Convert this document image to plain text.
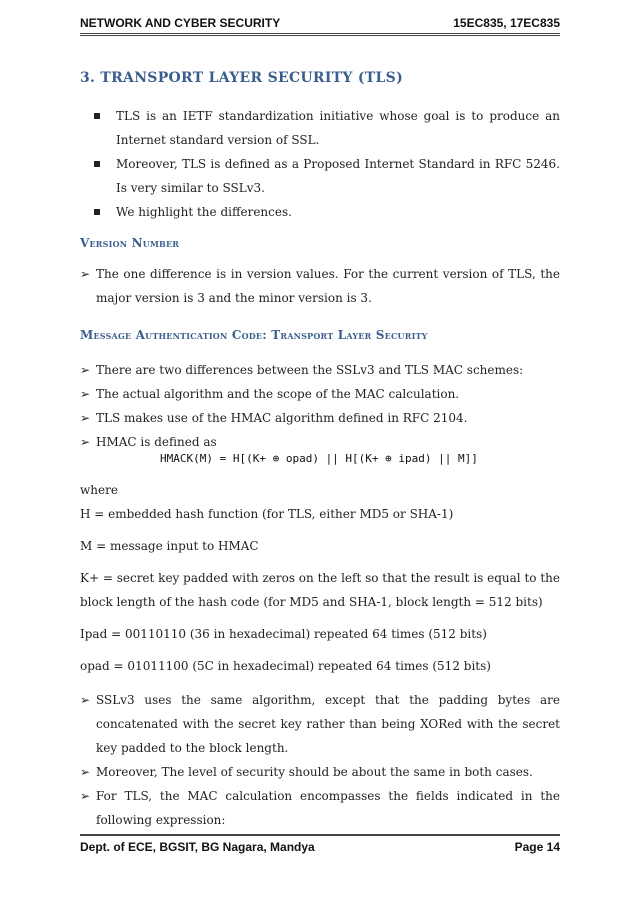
NETWORK AND CYBER SECURITY	15EC835, 17EC835
3. TRANSPORT LAYER SECURITY (TLS)
TLS is an IETF standardization initiative whose goal is to produce an Internet standard version of SSL.
Moreover, TLS is defined as a Proposed Internet Standard in RFC 5246. Is very similar to SSLv3.
We highlight the differences.
Version Number
➢ The one difference is in version values. For the current version of TLS, the major version is 3 and the minor version is 3.
Message Authentication Code: Transport Layer Security
➢ There are two differences between the SSLv3 and TLS MAC schemes:
➢ The actual algorithm and the scope of the MAC calculation.
➢ TLS makes use of the HMAC algorithm defined in RFC 2104.
➢ HMAC is defined as
HMACK(M) = H[(K+ ⊕ opad) || H[(K+ ⊕ ipad) || M]]
where
H = embedded hash function (for TLS, either MD5 or SHA-1)
M = message input to HMAC
K+ = secret key padded with zeros on the left so that the result is equal to the block length of the hash code (for MD5 and SHA-1, block length = 512 bits)
Ipad = 00110110 (36 in hexadecimal) repeated 64 times (512 bits)
opad = 01011100 (5C in hexadecimal) repeated 64 times (512 bits)
➢ SSLv3 uses the same algorithm, except that the padding bytes are concatenated with the secret key rather than being XORed with the secret key padded to the block length.
➢ Moreover, The level of security should be about the same in both cases.
➢ For TLS, the MAC calculation encompasses the fields indicated in the following expression:
Dept. of ECE, BGSIT, BG Nagara, Mandya	Page 14
